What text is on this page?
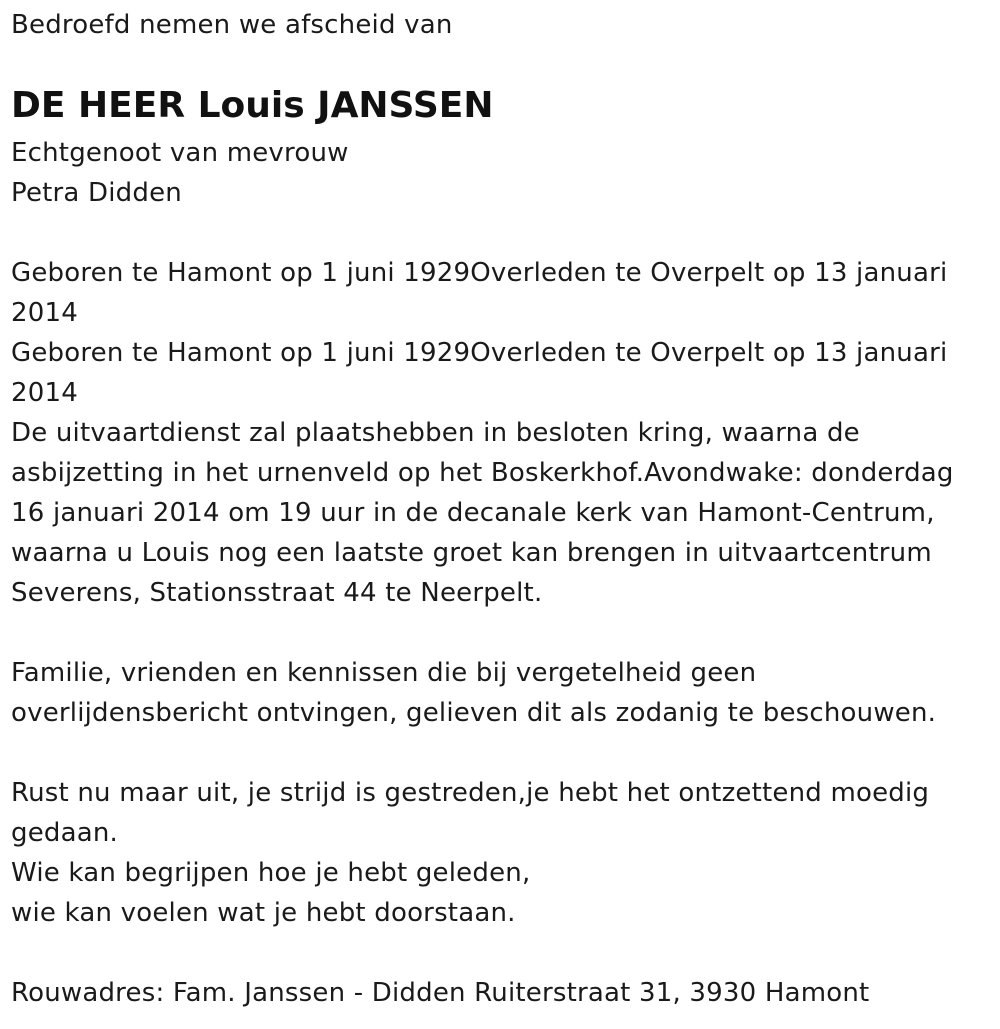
Bedroefd nemen we afscheid van
DE HEER Louis JANSSEN
Echtgenoot van mevrouw
Petra Didden
Geboren te Hamont op 1 juni 1929Overleden te Overpelt op 13 januari
2014
Geboren te Hamont op 1 juni 1929Overleden te Overpelt op 13 januari
2014
De uitvaartdienst zal plaatshebben in besloten kring, waarna de
asbijzetting in het urnenveld op het Boskerkhof.Avondwake: donderdag
16 januari 2014 om 19 uur in de decanale kerk van Hamont-Centrum,
waarna u Louis nog een laatste groet kan brengen in uitvaartcentrum
Severens, Stationsstraat 44 te Neerpelt.
Familie, vrienden en kennissen die bij vergetelheid geen
overlijdensbericht ontvingen, gelieven dit als zodanig te beschouwen.
Rust nu maar uit, je strijd is gestreden,je hebt het ontzettend moedig
gedaan.
Wie kan begrijpen hoe je hebt geleden,
wie kan voelen wat je hebt doorstaan.
Rouwadres: Fam. Janssen - Didden Ruiterstraat 31, 3930 Hamont
